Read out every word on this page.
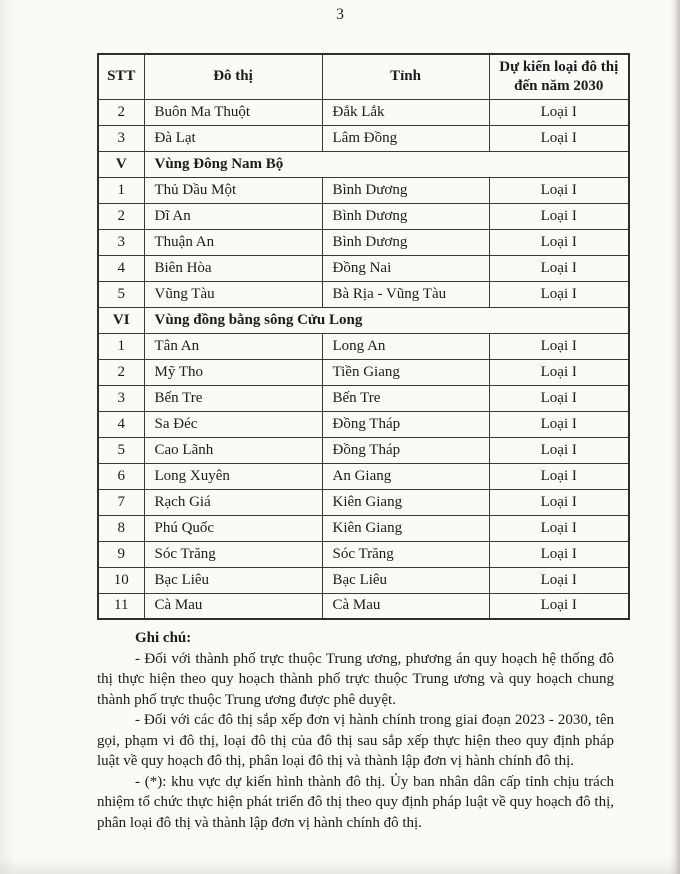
3
STT	Đô thị	Tỉnh	Dự kiến loại đô thị đến năm 2030
2	Buôn Ma Thuột	Đắk Lắk	Loại I
3	Đà Lạt	Lâm Đồng	Loại I
V	Vùng Đông Nam Bộ		
1	Thủ Dầu Một	Bình Dương	Loại I
2	Dĩ An	Bình Dương	Loại I
3	Thuận An	Bình Dương	Loại I
4	Biên Hòa	Đồng Nai	Loại I
5	Vũng Tàu	Bà Rịa - Vũng Tàu	Loại I
VI	Vùng đồng bằng sông Cửu Long		
1	Tân An	Long An	Loại I
2	Mỹ Tho	Tiền Giang	Loại I
3	Bến Tre	Bến Tre	Loại I
4	Sa Đéc	Đồng Tháp	Loại I
5	Cao Lãnh	Đồng Tháp	Loại I
6	Long Xuyên	An Giang	Loại I
7	Rạch Giá	Kiên Giang	Loại I
8	Phú Quốc	Kiên Giang	Loại I
9	Sóc Trăng	Sóc Trăng	Loại I
10	Bạc Liêu	Bạc Liêu	Loại I
11	Cà Mau	Cà Mau	Loại I
Ghi chú:
- Đối với thành phố trực thuộc Trung ương, phương án quy hoạch hệ thống đô thị thực hiện theo quy hoạch thành phố trực thuộc Trung ương và quy hoạch chung thành phố trực thuộc Trung ương được phê duyệt.
- Đối với các đô thị sắp xếp đơn vị hành chính trong giai đoạn 2023 - 2030, tên gọi, phạm vi đô thị, loại đô thị của đô thị sau sắp xếp thực hiện theo quy định pháp luật về quy hoạch đô thị, phân loại đô thị và thành lập đơn vị hành chính đô thị.
- (*): khu vực dự kiến hình thành đô thị. Ủy ban nhân dân cấp tỉnh chịu trách nhiệm tổ chức thực hiện phát triển đô thị theo quy định pháp luật về quy hoạch đô thị, phân loại đô thị và thành lập đơn vị hành chính đô thị.
